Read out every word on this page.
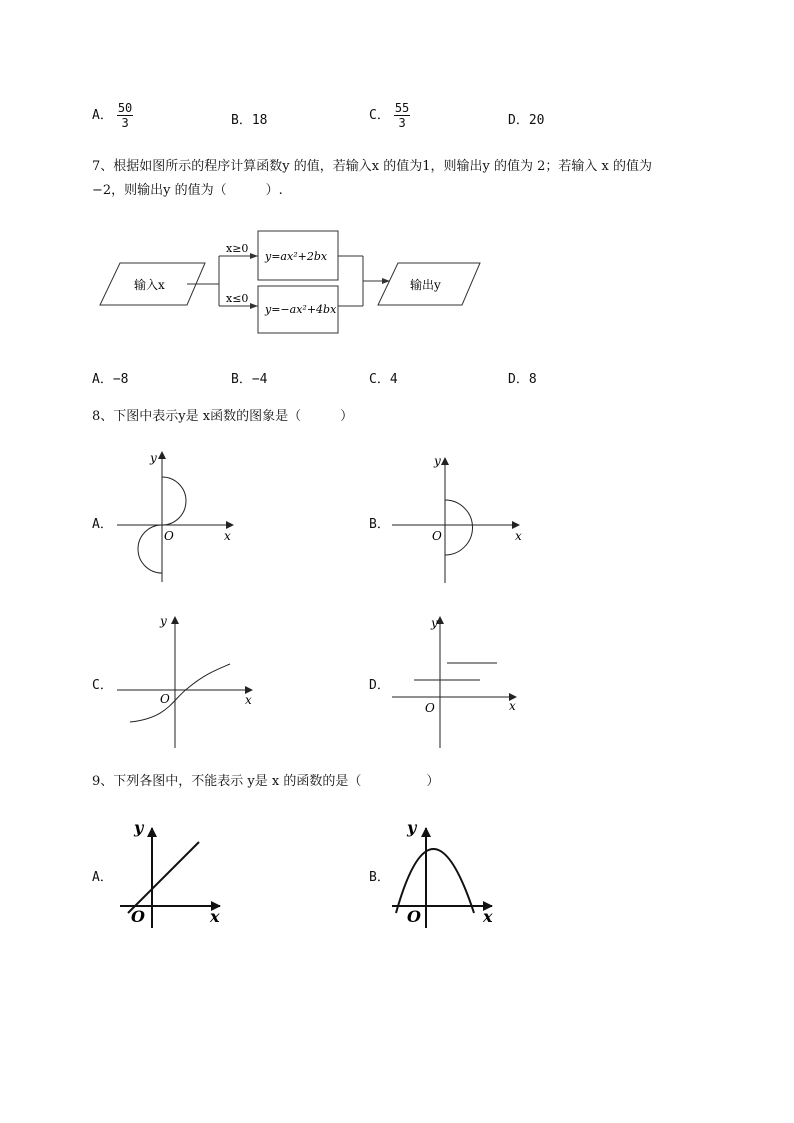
A． $\frac{50}{3}$	B．18	C． $\frac{55}{3}$	D．20
7、根据如图所示的程序计算函数y 的值，若输入x 的值为1，则输出y 的值为 2；若输入 x 的值为
−2，则输出y 的值为（　　　）.
输入x
x≥0
x≤0
y=ax²+2bx
y=−ax²+4bx
输出y
A．−8	B．−4	C．4	D．8
8、下图中表示y是 x函数的图象是（　　　）
A．	B．
C．	D．
y
x
O
y
x
O
y
x
O
y
x
O
9、下列各图中，不能表示 y是 x 的函数的是（　　　　　）
A．	B．
y
x
O
y
x
O
